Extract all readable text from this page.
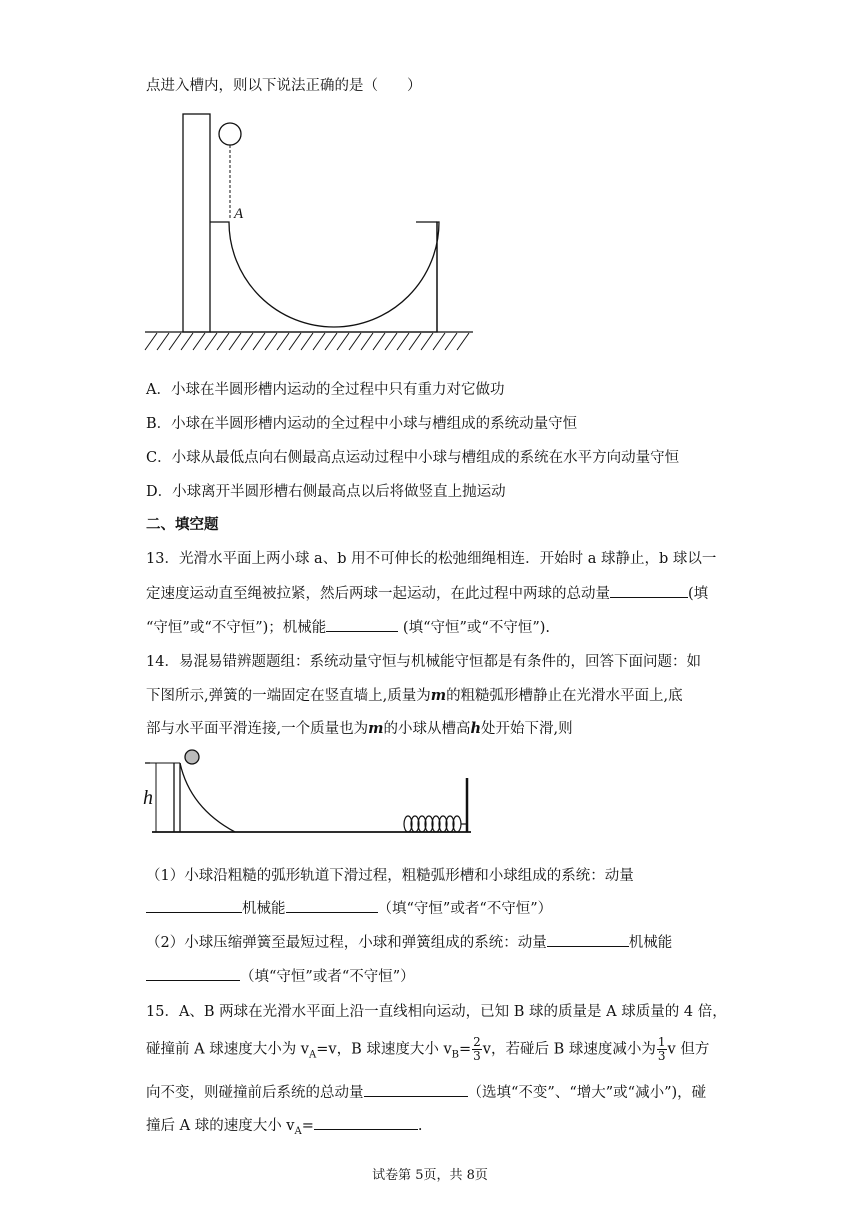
点进入槽内，则以下说法正确的是（　　）
A
A．小球在半圆形槽内运动的全过程中只有重力对它做功
B．小球在半圆形槽内运动的全过程中小球与槽组成的系统动量守恒
C．小球从最低点向右侧最高点运动过程中小球与槽组成的系统在水平方向动量守恒
D．小球离开半圆形槽右侧最高点以后将做竖直上抛运动
二、填空题
13．光滑水平面上两小球 a、b 用不可伸长的松弛细绳相连．开始时 a 球静止，b 球以一
定速度运动直至绳被拉紧，然后两球一起运动，在此过程中两球的总动量	(填
“守恒”或“不守恒”)；机械能	(填“守恒”或“不守恒”).
14．易混易错辨题题组：系统动量守恒与机械能守恒都是有条件的，回答下面问题：如
下图所示,弹簧的一端固定在竖直墙上,质量为m的粗糙弧形槽静止在光滑水平面上,底
部与水平面平滑连接,一个质量也为m的小球从槽高h处开始下滑,则
h
（1）小球沿粗糙的弧形轨道下滑过程，粗糙弧形槽和小球组成的系统：动量
机械能	（填“守恒”或者“不守恒”）
（2）小球压缩弹簧至最短过程，小球和弹簧组成的系统：动量	机械能
（填“守恒”或者“不守恒”）
15．A、B 两球在光滑水平面上沿一直线相向运动，已知 B 球的质量是 A 球质量的 4 倍，
碰撞前 A 球速度大小为 $v_A=v$，B 球速度大小 $v_B= \frac{2}{3}$ v，若碰后 B 球速度减小为 $\frac{1}{3}$ v 但方
向不变，则碰撞前后系统的总动量	（选填“不变”、“增大”或“减小”)，碰
撞后 A 球的速度大小 $v_A=$	.
试卷第 5页，共 8页
